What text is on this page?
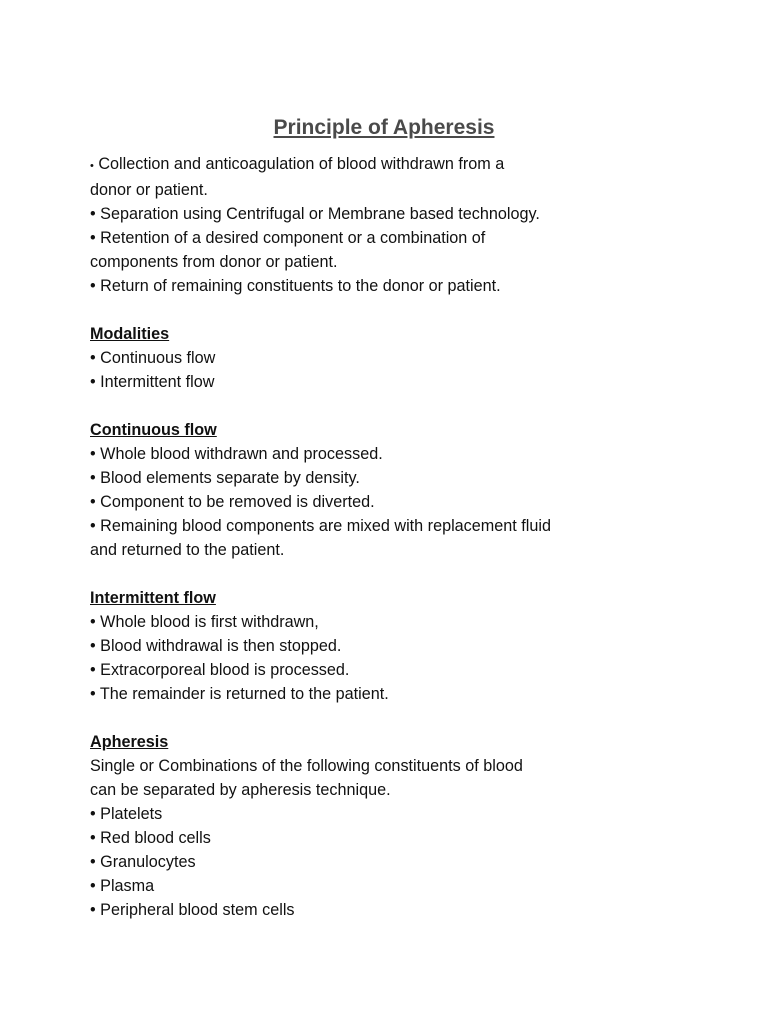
Principle of Apheresis

• Collection and anticoagulation of blood withdrawn from a

donor or patient.

• Separation using Centrifugal or Membrane based technology.

• Retention of a desired component or a combination of

components from donor or patient.

• Return of remaining constituents to the donor or patient.

Modalities

• Continuous flow

• Intermittent flow

Continuous flow

• Whole blood withdrawn and processed.

• Blood elements separate by density.

• Component to be removed is diverted.

• Remaining blood components are mixed with replacement fluid

and returned to the patient.

Intermittent flow

• Whole blood is first withdrawn,

• Blood withdrawal is then stopped.

• Extracorporeal blood is processed.

• The remainder is returned to the patient.

Apheresis

Single or Combinations of the following constituents of blood

can be separated by apheresis technique.

• Platelets

• Red blood cells

• Granulocytes

• Plasma

• Peripheral blood stem cells
